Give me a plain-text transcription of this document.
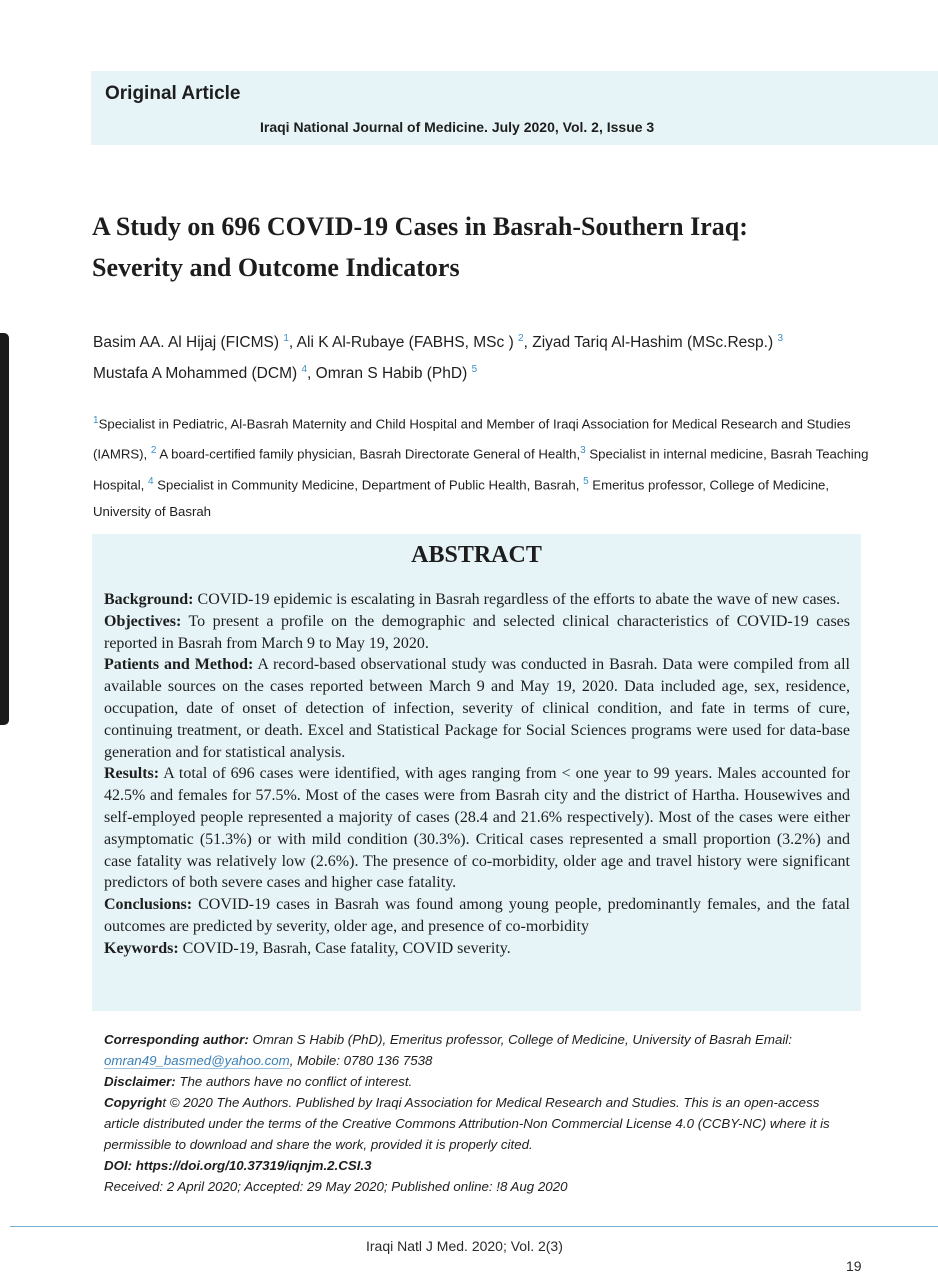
Original Article
Iraqi National Journal of Medicine. July 2020, Vol. 2, Issue 3
A Study on 696 COVID-19 Cases in Basrah-Southern Iraq:
Severity and Outcome Indicators
Basim AA. Al Hijaj (FICMS) $^1$, Ali K Al-Rubaye (FABHS, MSc ) $^2$, Ziyad Tariq Al-Hashim (MSc.Resp.) $^3$
Mustafa A Mohammed (DCM) $^4$, Omran S Habib (PhD) $^5$
$^1$Specialist in Pediatric, Al-Basrah Maternity and Child Hospital and Member of Iraqi Association for Medical Research and Studies (IAMRS), $^2$ A board-certified family physician, Basrah Directorate General of Health,$^3$ Specialist in internal medicine, Basrah Teaching Hospital, $^4$ Specialist in Community Medicine, Department of Public Health, Basrah, $^5$ Emeritus professor, College of Medicine, University of Basrah
ABSTRACT

Background: COVID-19 epidemic is escalating in Basrah regardless of the efforts to abate the wave of new cases.

Objectives: To present a profile on the demographic and selected clinical characteristics of COVID-19 cases reported in Basrah from March 9 to May 19, 2020.

Patients and Method: A record-based observational study was conducted in Basrah. Data were compiled from all available sources on the cases reported between March 9 and May 19, 2020. Data included age, sex, residence, occupation, date of onset of detection of infection, severity of clinical condition, and fate in terms of cure, continuing treatment, or death. Excel and Statistical Package for Social Sciences programs were used for data-base generation and for statistical analysis.

Results: A total of 696 cases were identified, with ages ranging from < one year to 99 years. Males accounted for 42.5% and females for 57.5%. Most of the cases were from Basrah city and the district of Hartha. Housewives and self-employed people represented a majority of cases (28.4 and 21.6% respectively). Most of the cases were either asymptomatic (51.3%) or with mild condition (30.3%). Critical cases represented a small proportion (3.2%) and case fatality was relatively low (2.6%). The presence of co-morbidity, older age and travel history were significant predictors of both severe cases and higher case fatality.

Conclusions: COVID-19 cases in Basrah was found among young people, predominantly females, and the fatal outcomes are predicted by severity, older age, and presence of co-morbidity

Keywords: COVID-19, Basrah, Case fatality, COVID severity.

Corresponding author: Omran S Habib (PhD), Emeritus professor, College of Medicine, University of Basrah Email: omran49_basmed@yahoo.com, Mobile: 0780 136 7538

Disclaimer: The authors have no conflict of interest.

Copyright © 2020 The Authors. Published by Iraqi Association for Medical Research and Studies. This is an open-access article distributed under the terms of the Creative Commons Attribution-Non Commercial License 4.0 (CCBY-NC) where it is permissible to download and share the work, provided it is properly cited.

DOI: https://doi.org/10.37319/iqnjm.2.CSI.3

Received: 2 April 2020; Accepted: 29 May 2020; Published online: !8 Aug 2020

Iraqi Natl J Med. 2020; Vol. 2(3)
19
